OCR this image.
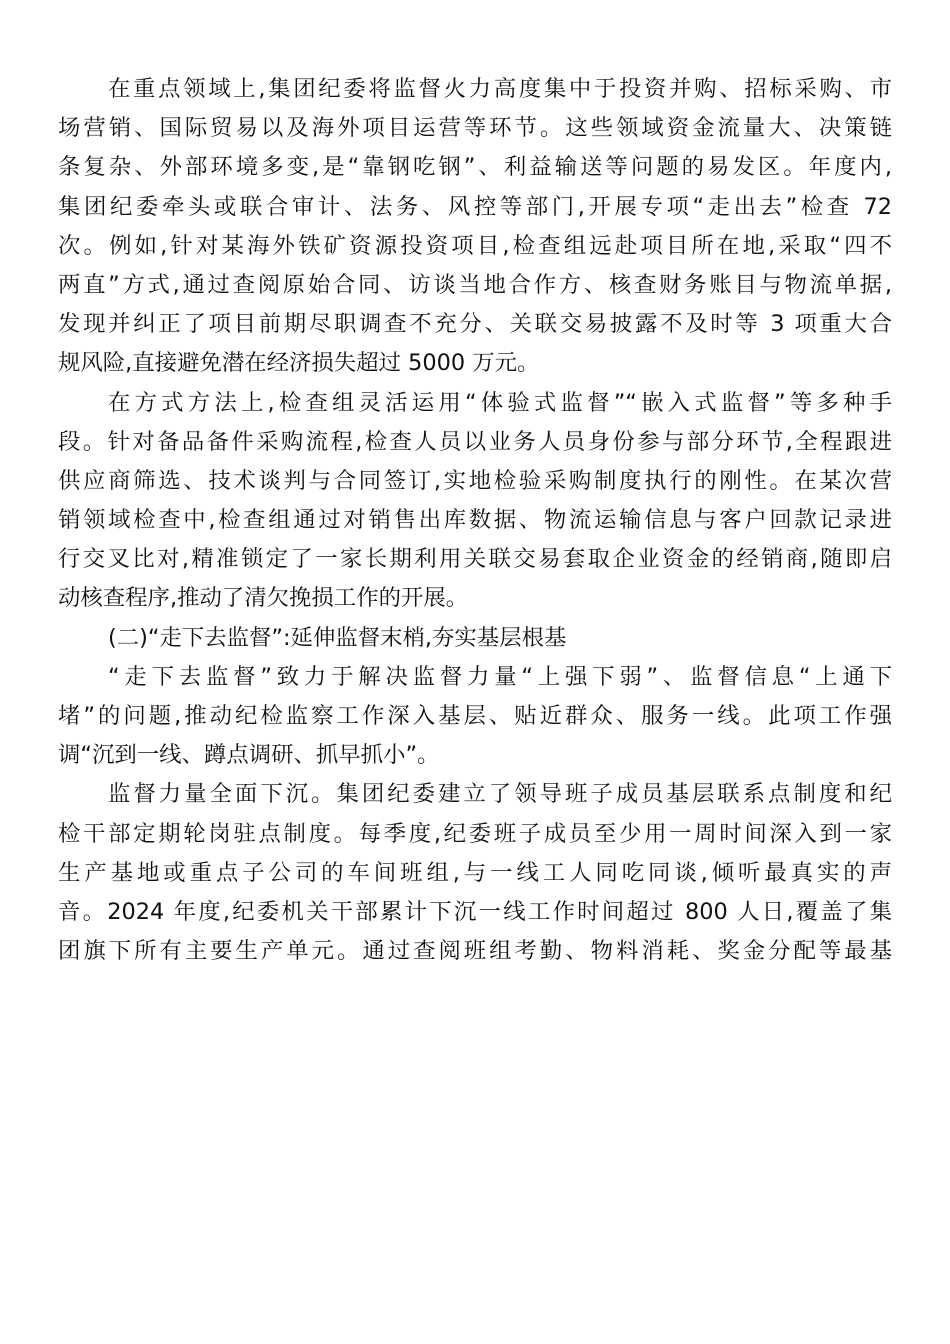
在重点领域上,集团纪委将监督火力高度集中于投资并购、招标采购、市
场营销、国际贸易以及海外项目运营等环节。这些领域资金流量大、决策链
条复杂、外部环境多变,是“靠钢吃钢”、利益输送等问题的易发区。年度内,
集团纪委牵头或联合审计、法务、风控等部门,开展专项“走出去”检查 72
次。例如,针对某海外铁矿资源投资项目,检查组远赴项目所在地,采取“四不
两直”方式,通过查阅原始合同、访谈当地合作方、核查财务账目与物流单据,
发现并纠正了项目前期尽职调查不充分、关联交易披露不及时等 3 项重大合
规风险,直接避免潜在经济损失超过 5000 万元。
在方式方法上,检查组灵活运用“体验式监督”“嵌入式监督”等多种手
段。针对备品备件采购流程,检查人员以业务人员身份参与部分环节,全程跟进
供应商筛选、技术谈判与合同签订,实地检验采购制度执行的刚性。在某次营
销领域检查中,检查组通过对销售出库数据、物流运输信息与客户回款记录进
行交叉比对,精准锁定了一家长期利用关联交易套取企业资金的经销商,随即启
动核查程序,推动了清欠挽损工作的开展。
(二)“走下去监督”:延伸监督末梢,夯实基层根基
“走下去监督”致力于解决监督力量“上强下弱”、监督信息“上通下
堵”的问题,推动纪检监察工作深入基层、贴近群众、服务一线。此项工作强
调“沉到一线、蹲点调研、抓早抓小”。
监督力量全面下沉。集团纪委建立了领导班子成员基层联系点制度和纪
检干部定期轮岗驻点制度。每季度,纪委班子成员至少用一周时间深入到一家
生产基地或重点子公司的车间班组,与一线工人同吃同谈,倾听最真实的声
音。2024 年度,纪委机关干部累计下沉一线工作时间超过 800 人日,覆盖了集
团旗下所有主要生产单元。通过查阅班组考勤、物料消耗、奖金分配等最基
